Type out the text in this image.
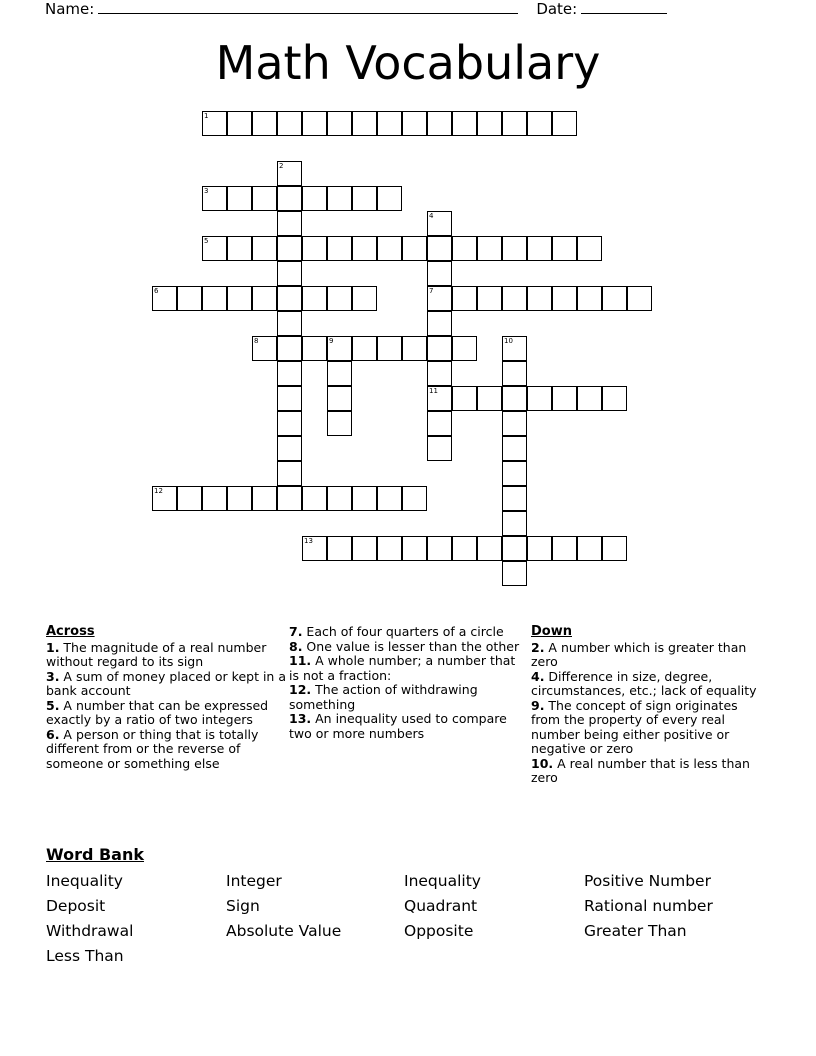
Name:	Date:
Math Vocabulary
1
2
3
4
5
6	7
8	9	10
11
12
13
Across
1. The magnitude of a real number without regard to its sign
3. A sum of money placed or kept in a bank account
5. A number that can be expressed exactly by a ratio of two integers
6. A person or thing that is totally different from or the reverse of someone or something else
7. Each of four quarters of a circle
8. One value is lesser than the other
11. A whole number; a number that is not a fraction:
12. The action of withdrawing something
13. An inequality used to compare two or more numbers
Down
2. A number which is greater than zero
4. Difference in size, degree, circumstances, etc.; lack of equality
9. The concept of sign originates from the property of every real number being either positive or negative or zero
10. A real number that is less than zero
Word Bank
Inequality	Integer	Inequality	Positive Number
Deposit	Sign	Quadrant	Rational number
Withdrawal	Absolute Value	Opposite	Greater Than
Less Than
